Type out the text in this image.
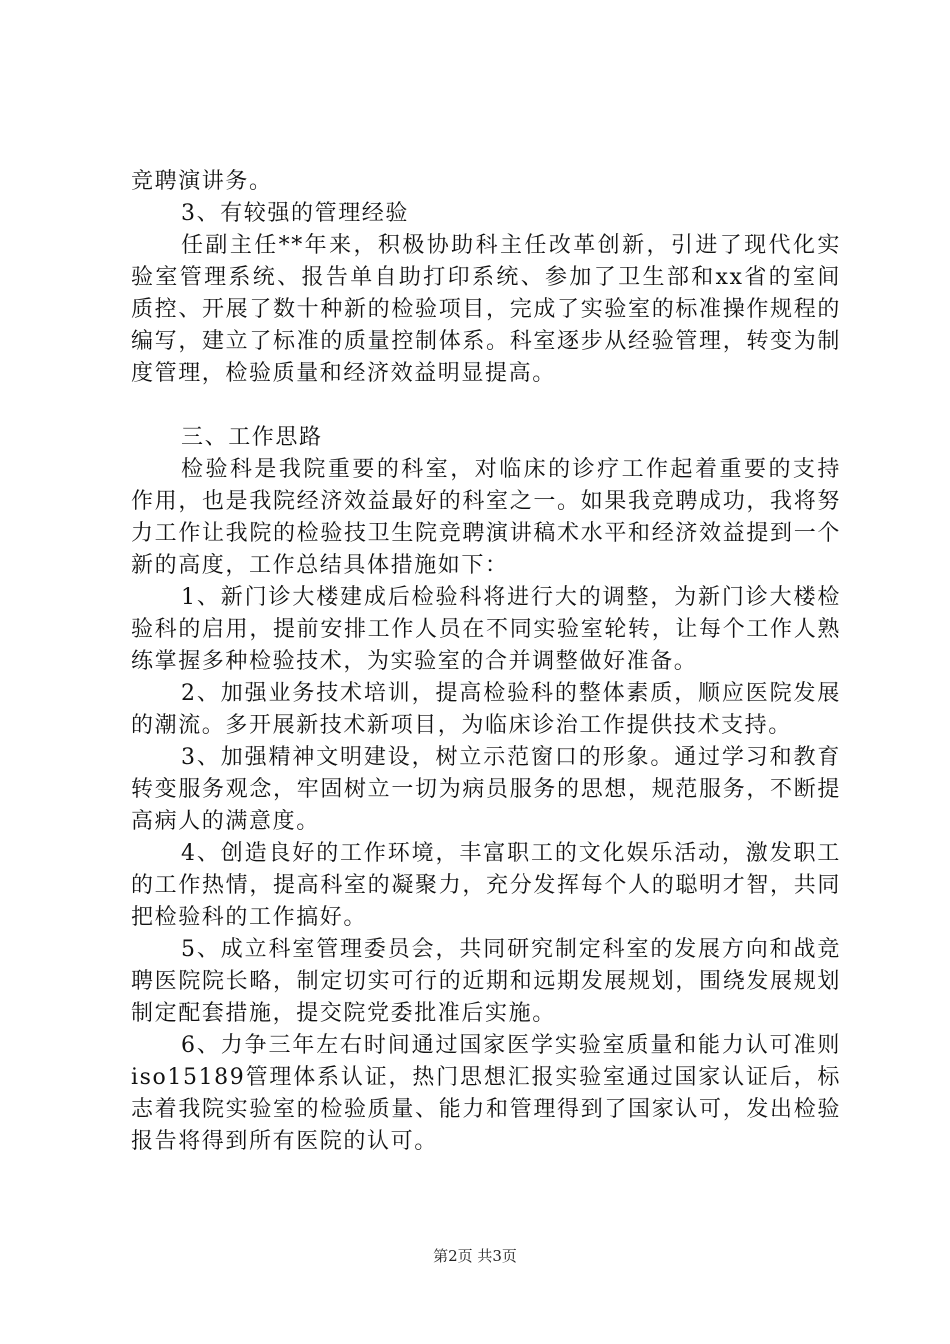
竞聘演讲务。

3、有较强的管理经验

任副主任**年来，积极协助科主任改革创新，引进了现代化实验室管理系统、报告单自助打印系统、参加了卫生部和xx省的室间质控、开展了数十种新的检验项目，完成了实验室的标准操作规程的编写，建立了标准的质量控制体系。科室逐步从经验管理，转变为制度管理，检验质量和经济效益明显提高。

三、工作思路

检验科是我院重要的科室，对临床的诊疗工作起着重要的支持作用，也是我院经济效益最好的科室之一。如果我竞聘成功，我将努力工作让我院的检验技卫生院竞聘演讲稿术水平和经济效益提到一个新的高度，工作总结具体措施如下：

1、新门诊大楼建成后检验科将进行大的调整，为新门诊大楼检验科的启用，提前安排工作人员在不同实验室轮转，让每个工作人熟练掌握多种检验技术，为实验室的合并调整做好准备。

2、加强业务技术培训，提高检验科的整体素质，顺应医院发展的潮流。多开展新技术新项目，为临床诊治工作提供技术支持。

3、加强精神文明建设，树立示范窗口的形象。通过学习和教育转变服务观念，牢固树立一切为病员服务的思想，规范服务，不断提高病人的满意度。

4、创造良好的工作环境，丰富职工的文化娱乐活动，激发职工的工作热情，提高科室的凝聚力，充分发挥每个人的聪明才智，共同把检验科的工作搞好。

5、成立科室管理委员会，共同研究制定科室的发展方向和战竞聘医院院长略，制定切实可行的近期和远期发展规划，围绕发展规划制定配套措施，提交院党委批准后实施。

6、力争三年左右时间通过国家医学实验室质量和能力认可准则iso15189管理体系认证，热门思想汇报实验室通过国家认证后，标志着我院实验室的检验质量、能力和管理得到了国家认可，发出检验报告将得到所有医院的认可。

第2页 共3页
